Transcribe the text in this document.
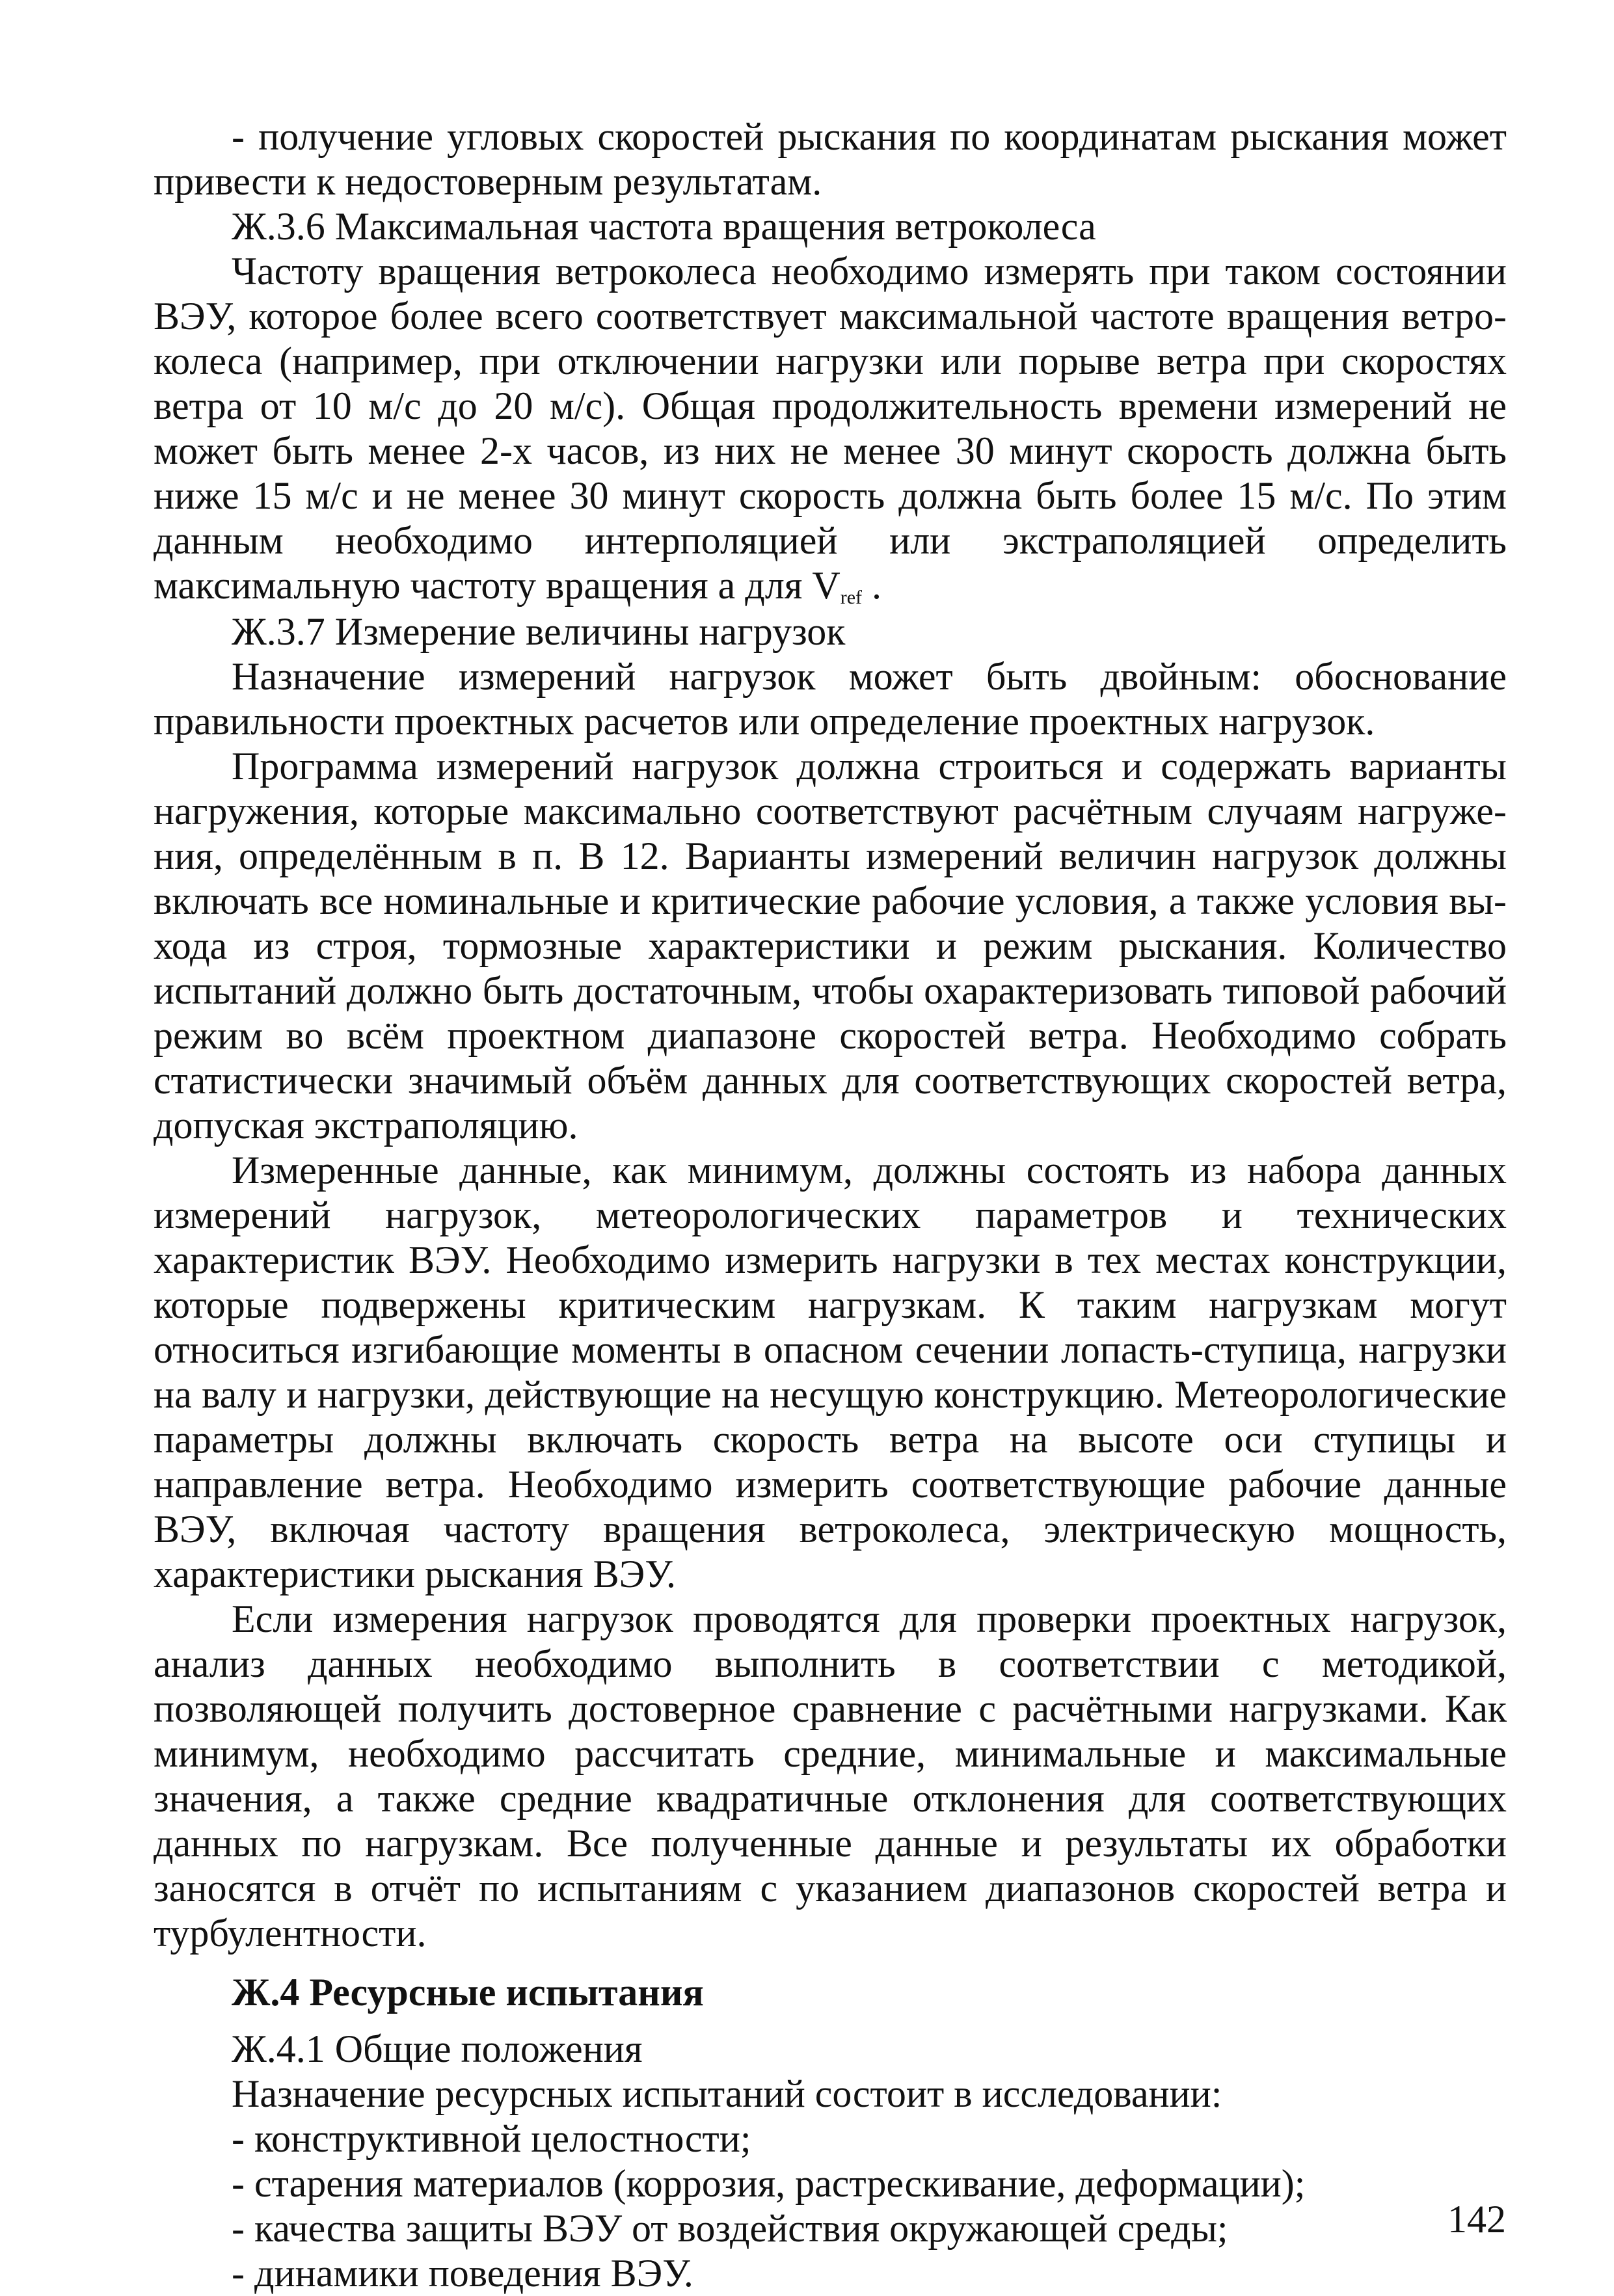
- получение угловых скоростей рыскания по координатам рыскания может привести к недостоверным результатам.

Ж.3.6 Максимальная частота вращения ветроколеса

Частоту вращения ветроколеса необходимо измерять при таком состоянии ВЭУ, которое более всего соответствует максимальной частоте вращения ветроколеса (например, при отключении нагрузки или порыве ветра при скоростях ветра от 10 м/с до 20 м/с). Общая продолжительность времени измерений не может быть менее 2-х часов, из них не менее 30 минут скорость должна быть ниже 15 м/с и не менее 30 минут скорость должна быть более 15 м/с. По этим данным необходимо интерполяцией или экстраполяцией определить максимальную частоту вращения а для $V_{ref}$ .

Ж.3.7 Измерение величины нагрузок

Назначение измерений нагрузок может быть двойным: обоснование правильности проектных расчетов или определение проектных нагрузок.

Программа измерений нагрузок должна строиться и содержать варианты нагружения, которые максимально соответствуют расчётным случаям нагружения, определённым в п. В 12. Варианты измерений величин нагрузок должны включать все номинальные и критические рабочие условия, а также условия выхода из строя, тормозные характеристики и режим рыскания. Количество испытаний должно быть достаточным, чтобы охарактеризовать типовой рабочий режим во всём проектном диапазоне скоростей ветра. Необходимо собрать статистически значимый объём данных для соответствующих скоростей ветра, допуская экстраполяцию.

Измеренные данные, как минимум, должны состоять из набора данных измерений нагрузок, метеорологических параметров и технических характеристик ВЭУ. Необходимо измерить нагрузки в тех местах конструкции, которые подвержены критическим нагрузкам. К таким нагрузкам могут относиться изгибающие моменты в опасном сечении лопасть-ступица, нагрузки на валу и нагрузки, действующие на несущую конструкцию. Метеорологические параметры должны включать скорость ветра на высоте оси ступицы и направление ветра. Необходимо измерить соответствующие рабочие данные ВЭУ, включая частоту вращения ветроколеса, электрическую мощность, характеристики рыскания ВЭУ.

Если измерения нагрузок проводятся для проверки проектных нагрузок, анализ данных необходимо выполнить в соответствии с методикой, позволяющей получить достоверное сравнение с расчётными нагрузками. Как минимум, необходимо рассчитать средние, минимальные и максимальные значения, а также средние квадратичные отклонения для соответствующих данных по нагрузкам. Все полученные данные и результаты их обработки заносятся в отчёт по испытаниям с указанием диапазонов скоростей ветра и турбулентности.

Ж.4 Ресурсные испытания

Ж.4.1 Общие положения

Назначение ресурсных испытаний состоит в исследовании:

- конструктивной целостности;

- старения материалов (коррозия, растрескивание, деформации);

- качества защиты ВЭУ от воздействия окружающей среды;

- динамики поведения ВЭУ.

142
